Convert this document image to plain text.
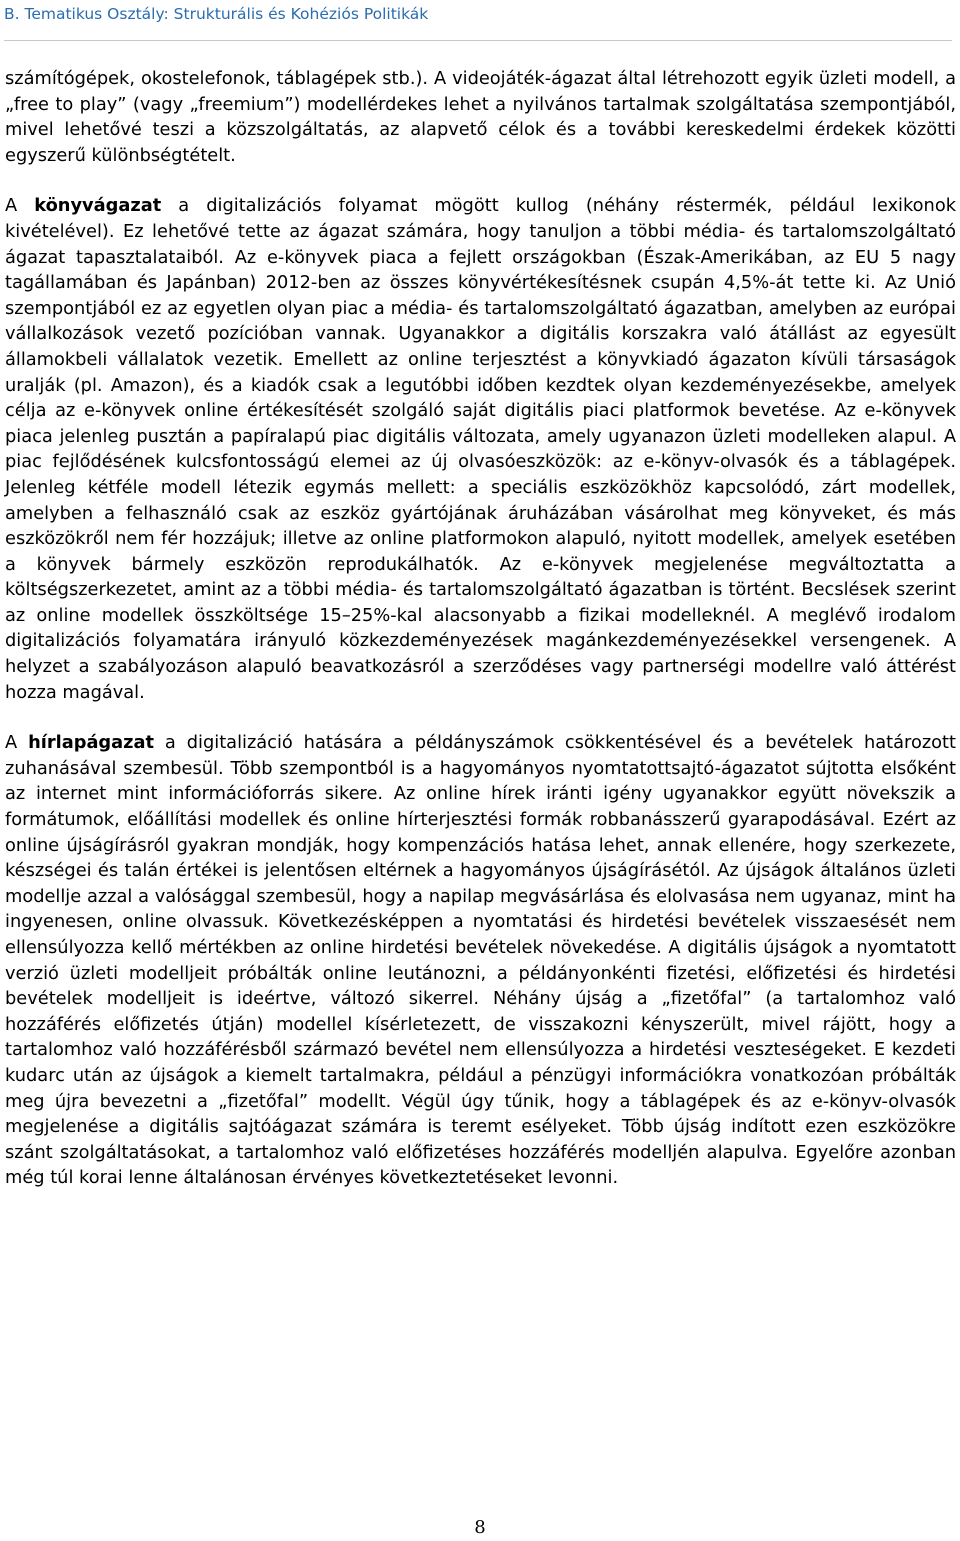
B. Tematikus Osztály: Strukturális és Kohéziós Politikák

számítógépek, okostelefonok, táblagépek stb.). A videojáték-ágazat által létrehozott egyik üzleti modell, a „free to play” (vagy „freemium”) modellérdekes lehet a nyilvános tartalmak szolgáltatása szempontjából, mivel lehetővé teszi a közszolgáltatás, az alapvető célok és a további kereskedelmi érdekek közötti egyszerű különbségtételt.

A könyvágazat a digitalizációs folyamat mögött kullog (néhány réstermék, például lexikonok kivételével). Ez lehetővé tette az ágazat számára, hogy tanuljon a többi média- és tartalomszolgáltató ágazat tapasztalataiból. Az e-könyvek piaca a fejlett országokban (Észak-Amerikában, az EU 5 nagy tagállamában és Japánban) 2012-ben az összes könyvértékesítésnek csupán 4,5%-át tette ki. Az Unió szempontjából ez az egyetlen olyan piac a média- és tartalomszolgáltató ágazatban, amelyben az európai vállalkozások vezető pozícióban vannak. Ugyanakkor a digitális korszakra való átállást az egyesült államokbeli vállalatok vezetik. Emellett az online terjesztést a könyvkiadó ágazaton kívüli társaságok uralják (pl. Amazon), és a kiadók csak a legutóbbi időben kezdtek olyan kezdeményezésekbe, amelyek célja az e-könyvek online értékesítését szolgáló saját digitális piaci platformok bevetése. Az e-könyvek piaca jelenleg pusztán a papíralapú piac digitális változata, amely ugyanazon üzleti modelleken alapul. A piac fejlődésének kulcsfontosságú elemei az új olvasóeszközök: az e-könyv-olvasók és a táblagépek. Jelenleg kétféle modell létezik egymás mellett: a speciális eszközökhöz kapcsolódó, zárt modellek, amelyben a felhasználó csak az eszköz gyártójának áruházában vásárolhat meg könyveket, és más eszközökről nem fér hozzájuk; illetve az online platformokon alapuló, nyitott modellek, amelyek esetében a könyvek bármely eszközön reprodukálhatók. Az e-könyvek megjelenése megváltoztatta a költségszerkezetet, amint az a többi média- és tartalomszolgáltató ágazatban is történt. Becslések szerint az online modellek összköltsége 15–25%-kal alacsonyabb a fizikai modelleknél. A meglévő irodalom digitalizációs folyamatára irányuló közkezdeményezések magánkezdeményezésekkel versengenek. A helyzet a szabályozáson alapuló beavatkozásról a szerződéses vagy partnerségi modellre való áttérést hozza magával.

A hírlapágazat a digitalizáció hatására a példányszámok csökkentésével és a bevételek határozott zuhanásával szembesül. Több szempontból is a hagyományos nyomtatottsajtó-ágazatot sújtotta elsőként az internet mint információforrás sikere. Az online hírek iránti igény ugyanakkor együtt növekszik a formátumok, előállítási modellek és online hírterjesztési formák robbanásszerű gyarapodásával. Ezért az online újságírásról gyakran mondják, hogy kompenzációs hatása lehet, annak ellenére, hogy szerkezete, készségei és talán értékei is jelentősen eltérnek a hagyományos újságírásétól. Az újságok általános üzleti modellje azzal a valósággal szembesül, hogy a napilap megvásárlása és elolvasása nem ugyanaz, mint ha ingyenesen, online olvassuk. Következésképpen a nyomtatási és hirdetési bevételek visszaesését nem ellensúlyozza kellő mértékben az online hirdetési bevételek növekedése. A digitális újságok a nyomtatott verzió üzleti modelljeit próbálták online leutánozni, a példányonkénti fizetési, előfizetési és hirdetési bevételek modelljeit is ideértve, változó sikerrel. Néhány újság a „fizetőfal” (a tartalomhoz való hozzáférés előfizetés útján) modellel kísérletezett, de visszakozni kényszerült, mivel rájött, hogy a tartalomhoz való hozzáférésből származó bevétel nem ellensúlyozza a hirdetési veszteségeket. E kezdeti kudarc után az újságok a kiemelt tartalmakra, például a pénzügyi információkra vonatkozóan próbálták meg újra bevezetni a „fizetőfal” modellt. Végül úgy tűnik, hogy a táblagépek és az e-könyv-olvasók megjelenése a digitális sajtóágazat számára is teremt esélyeket. Több újság indított ezen eszközökre szánt szolgáltatásokat, a tartalomhoz való előfizetéses hozzáférés modelljén alapulva. Egyelőre azonban még túl korai lenne általánosan érvényes következtetéseket levonni.

8
